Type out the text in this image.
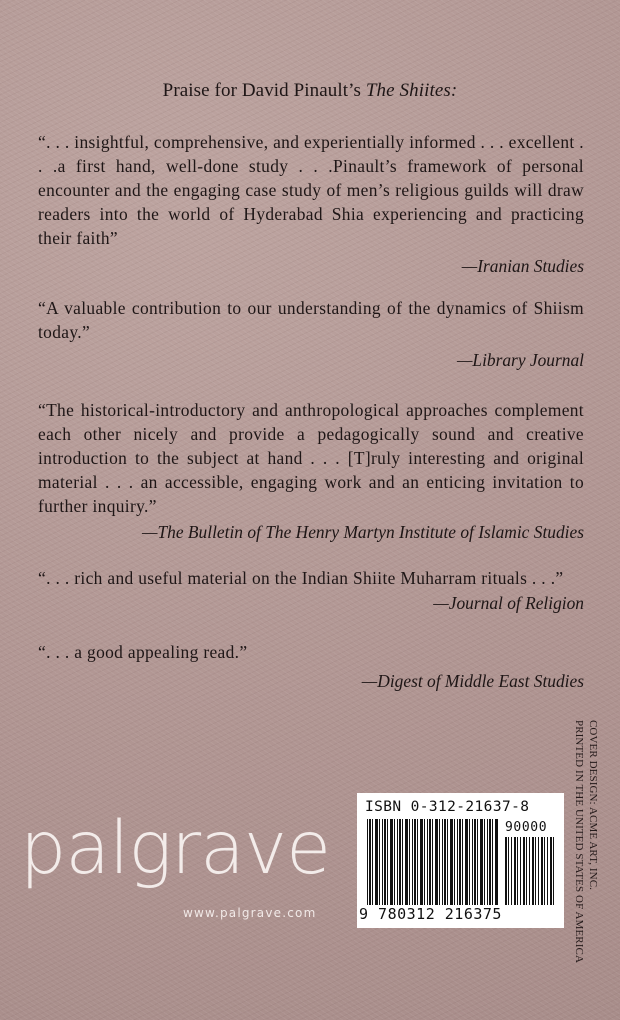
Praise for David Pinault’s The Shiites:
“. . . insightful, comprehensive, and experientially informed . . . excellent . . .a first hand, well-done study . . .Pinault’s framework of personal encounter and the engaging case study of men’s religious guilds will draw readers into the world of Hyderabad Shia experiencing and practicing their faith”
—Iranian Studies
“A valuable contribution to our understanding of the dynamics of Shiism today.”
—Library Journal
“The historical-introductory and anthropological approaches complement each other nicely and provide a pedagogically sound and creative introduction to the subject at hand . . . [T]ruly interesting and original material . . . an accessible, engaging work and an enticing invitation to further inquiry.”
—The Bulletin of The Henry Martyn Institute of Islamic Studies
“. . . rich and useful material on the Indian Shiite Muharram rituals . . .”
—Journal of Religion
“. . . a good appealing read.”
—Digest of Middle East Studies
palgrave
www.palgrave.com
ISBN 0-312-21637-8
90000
9 780312 216375
COVER DESIGN: ACME ART, INC.
PRINTED IN THE UNITED STATES OF AMERICA
